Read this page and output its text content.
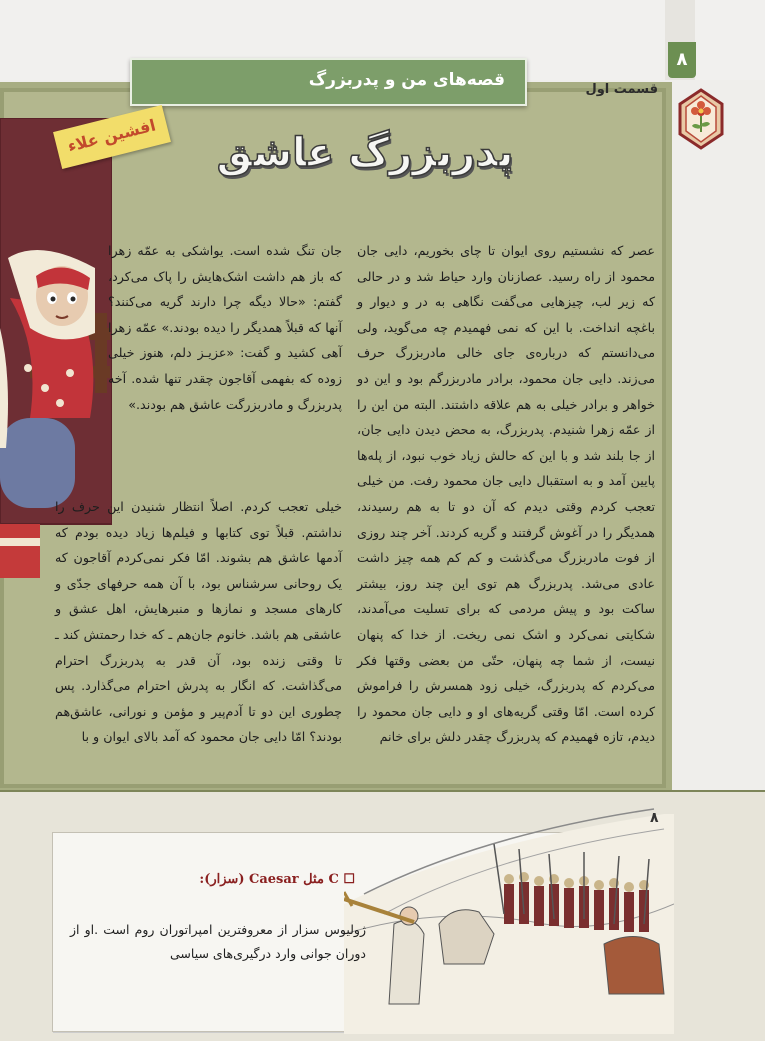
۸
قصه‌های من و پدربزرگ	قسمت اول
پدربزرگ عاشق
افشین علاء

عصر که نشستیم روی ایوان تا چای بخوریم، دایی جان محمود از راه رسید. عصازنان وارد حیاط شد و در حالی که زیر لب، چیزهایی می‌گفت نگاهی به در و دیوار و باغچه انداخت. با این که نمی فهمیدم چه می‌گوید، ولی می‌دانستم که درباره‌ی جای خالی مادربزرگ حرف می‌زند. دایی جان محمود، برادر مادربزرگم بود و این دو خواهر و برادر خیلی به هم علاقه داشتند. البته من این را از عمّه زهرا شنیدم. پدربزرگ، به محض دیدن دایی جان، از جا بلند شد و با این که حالش زیاد خوب نبود، از پله‌ها پایین آمد و به استقبال دایی جان محمود رفت. من خیلی تعجب کردم وقتی دیدم که آن دو تا به هم رسیدند، همدیگر را در آغوش گرفتند و گریه کردند. آخر چند روزی از فوت مادربزرگ می‌گذشت و کم کم همه چیز داشت عادی می‌شد. پدربزرگ هم توی این چند روز، بیشتر ساکت بود و پیش مردمی که برای تسلیت می‌آمدند، شکایتی نمی‌کرد و اشک نمی ریخت. از خدا که پنهان نیست، از شما چه پنهان، حتّی من بعضی وقتها فکر می‌کردم که پدربزرگ، خیلی زود همسرش را فراموش کرده است. امّا وقتی گریه‌های او و دایی جان محمود را دیدم، تازه فهمیدم که پدربزرگ چقدر دلش برای خانم

جان تنگ شده است. یواشکی به عمّه زهرا که باز هم داشت اشک‌هایش را پاک می‌کرد، گفتم: «حالا دیگه چرا دارند گریه می‌کنند؟ آنها که قبلاً همدیگر را دیده بودند.» عمّه زهرا آهی کشید و گفت: «عزیـز دلم، هنوز خیلی زوده که بفهمی آقاجون چقدر تنها شده. آخه پدربزرگ و مادربزرگت عاشق هم بودند.»

خیلی تعجب کردم. اصلاً انتظار شنیدن این حرف را نداشتم. قبلاً توی کتابها و فیلم‌ها زیاد دیده بودم که آدمها عاشق هم بشوند. امّا فکر نمی‌کردم آقاجون که یک روحانی سرشناس بود، با آن همه حرفهای جدّی و کارهای مسجد و نمازها و منبرهایش، اهل عشق و عاشقی هم باشد. خانوم جان‌هم ـ که خدا رحمتش کند ـ تا وقتی زنده بود، آن قدر به پدربزرگ احترام می‌گذاشت. که انگار به پدرش احترام می‌گذارد. پس چطوری این دو تا آدم‌پیر و مؤمن و نورانی، عاشق‌هم بودند؟ امّا دایی جان محمود که آمد بالای ایوان و با

۸
☐ C مثل Caesar (سزار):
ژولیوس سزار از معروفترین امپراتوران روم است .او از دوران جوانی وارد درگیری‌های سیاسی
